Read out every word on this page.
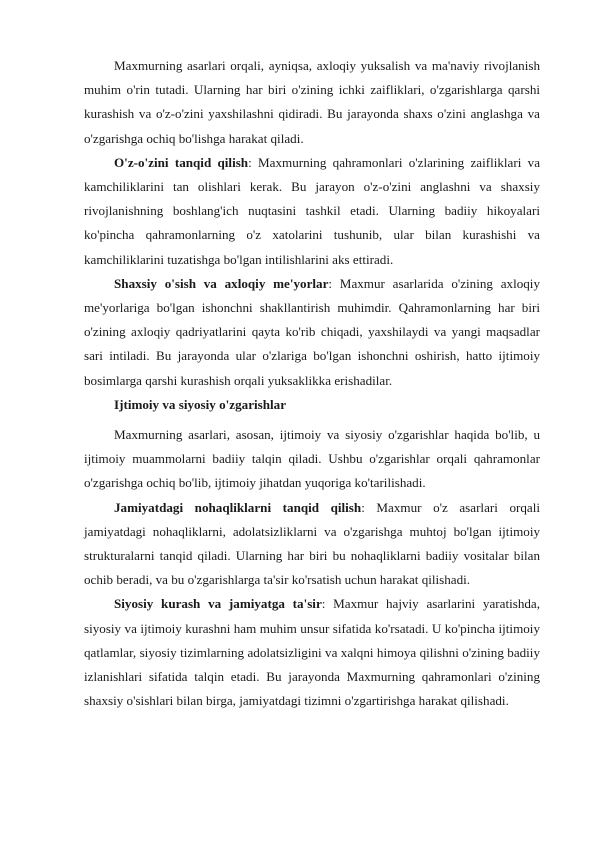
Maxmurning asarlari orqali, ayniqsa, axloqiy yuksalish va ma'naviy rivojlanish muhim o'rin tutadi. Ularning har biri o'zining ichki zaifliklari, o'zgarishlarga qarshi kurashish va o'z-o'zini yaxshilashni qidiradi. Bu jarayonda shaxs o'zini anglashga va o'zgarishga ochiq bo'lishga harakat qiladi.

O'z-o'zini tanqid qilish: Maxmurning qahramonlari o'zlarining zaifliklari va kamchiliklarini tan olishlari kerak. Bu jarayon o'z-o'zini anglashni va shaxsiy rivojlanishning boshlang'ich nuqtasini tashkil etadi. Ularning badiiy hikoyalari ko'pincha qahramonlarning o'z xatolarini tushunib, ular bilan kurashishi va kamchiliklarini tuzatishga bo'lgan intilishlarini aks ettiradi.

Shaxsiy o'sish va axloqiy me'yorlar: Maxmur asarlarida o'zining axloqiy me'yorlariga bo'lgan ishonchni shakllantirish muhimdir. Qahramonlarning har biri o'zining axloqiy qadriyatlarini qayta ko'rib chiqadi, yaxshilaydi va yangi maqsadlar sari intiladi. Bu jarayonda ular o'zlariga bo'lgan ishonchni oshirish, hatto ijtimoiy bosimlarga qarshi kurashish orqali yuksaklikka erishadilar.

Ijtimoiy va siyosiy o'zgarishlar

Maxmurning asarlari, asosan, ijtimoiy va siyosiy o'zgarishlar haqida bo'lib, u ijtimoiy muammolarni badiiy talqin qiladi. Ushbu o'zgarishlar orqali qahramonlar o'zgarishga ochiq bo'lib, ijtimoiy jihatdan yuqoriga ko'tarilishadi.

Jamiyatdagi nohaqliklarni tanqid qilish: Maxmur o'z asarlari orqali jamiyatdagi nohaqliklarni, adolatsizliklarni va o'zgarishga muhtoj bo'lgan ijtimoiy strukturalarni tanqid qiladi. Ularning har biri bu nohaqliklarni badiiy vositalar bilan ochib beradi, va bu o'zgarishlarga ta'sir ko'rsatish uchun harakat qilishadi.

Siyosiy kurash va jamiyatga ta'sir: Maxmur hajviy asarlarini yaratishda, siyosiy va ijtimoiy kurashni ham muhim unsur sifatida ko'rsatadi. U ko'pincha ijtimoiy qatlamlar, siyosiy tizimlarning adolatsizligini va xalqni himoya qilishni o'zining badiiy izlanishlari sifatida talqin etadi. Bu jarayonda Maxmurning qahramonlari o'zining shaxsiy o'sishlari bilan birga, jamiyatdagi tizimni o'zgartirishga harakat qilishadi.
